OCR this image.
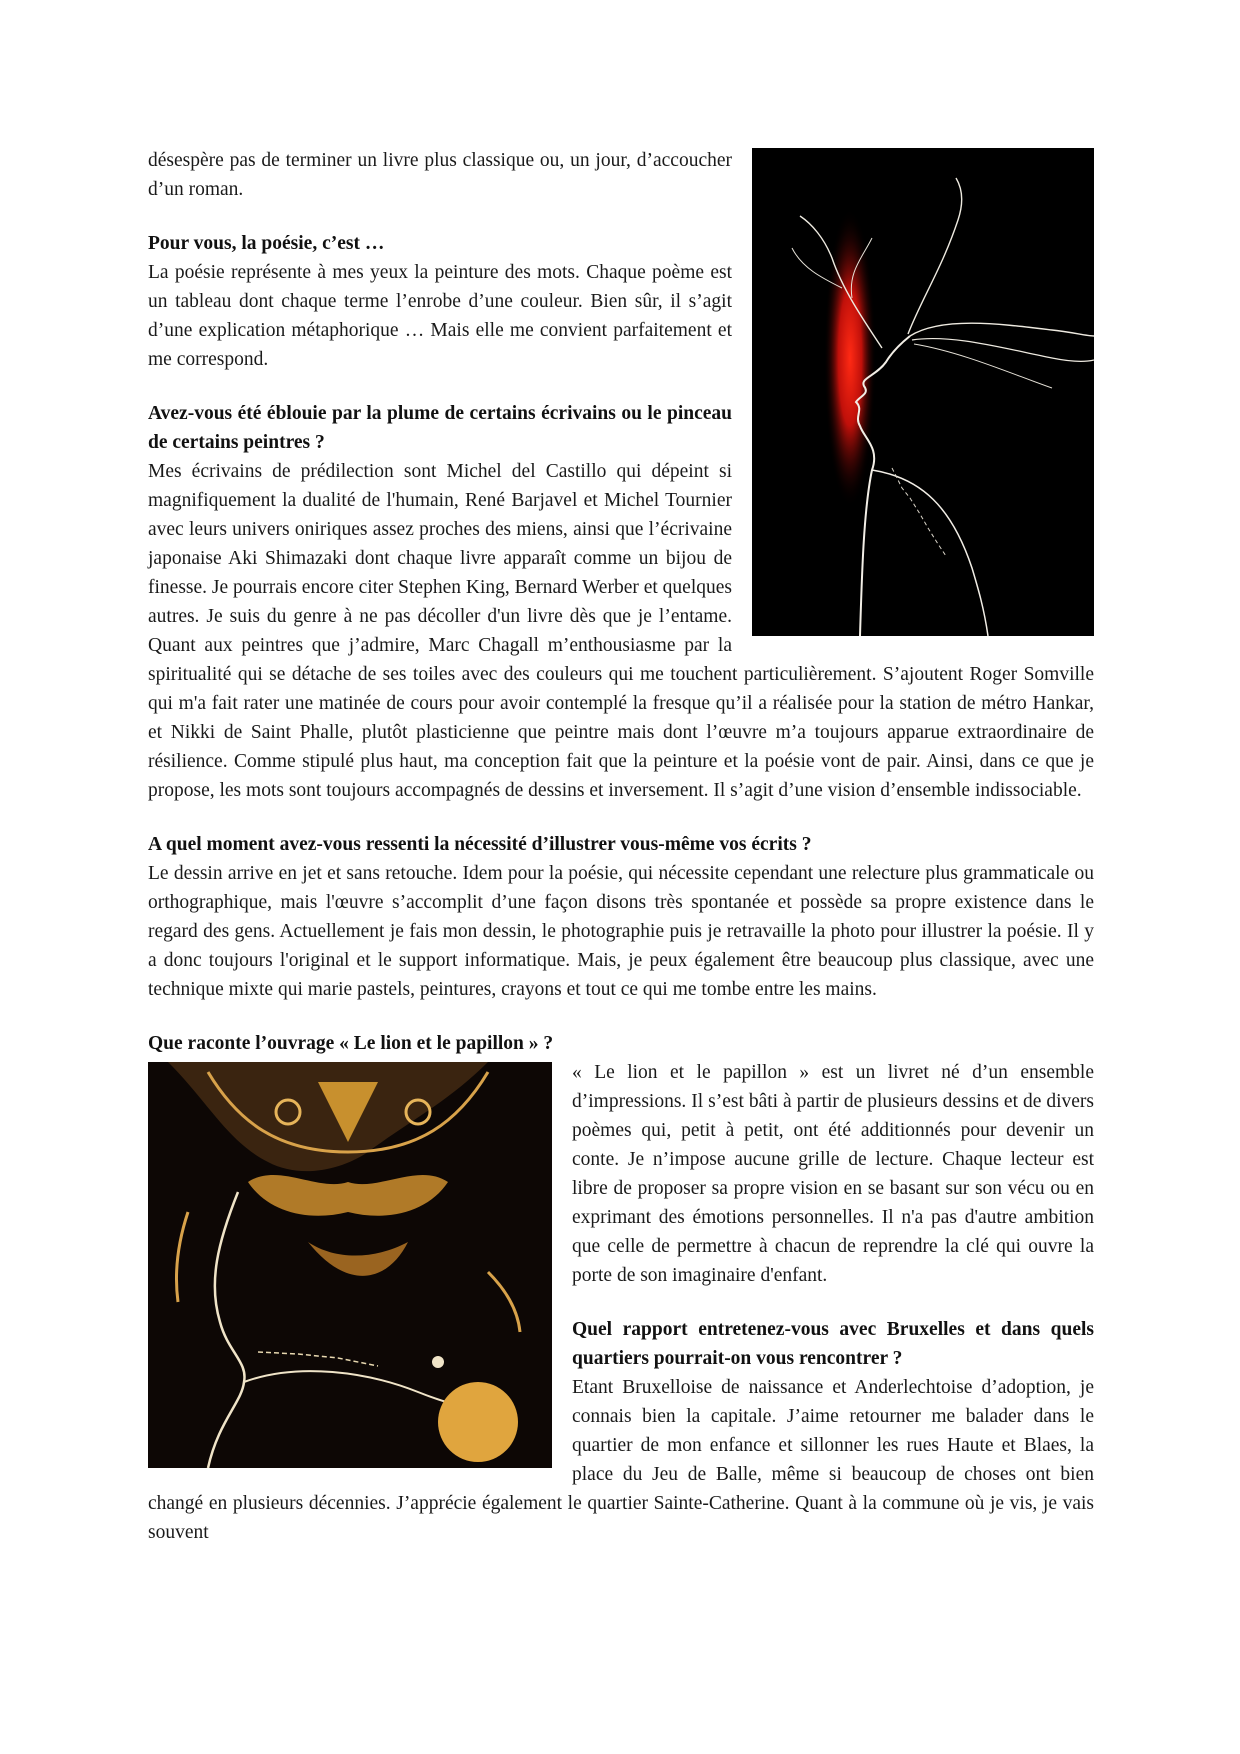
désespère pas de terminer un livre plus classique ou, un jour, d’accoucher d’un roman.

Pour vous, la poésie, c’est …

La poésie représente à mes yeux la peinture des mots. Chaque poème est un tableau dont chaque terme l’enrobe d’une couleur. Bien sûr, il s’agit d’une explication métaphorique … Mais elle me convient parfaitement et me correspond.

Avez-vous été éblouie par la plume de certains écrivains ou le pinceau de certains peintres ?

Mes écrivains de prédilection sont Michel del Castillo qui dépeint si magnifiquement la dualité de l'humain, René Barjavel et Michel Tournier avec leurs univers oniriques assez proches des miens, ainsi que l’écrivaine japonaise Aki Shimazaki dont chaque livre apparaît comme un bijou de finesse. Je pourrais encore citer Stephen King, Bernard Werber et quelques autres. Je suis du genre à ne pas décoller d'un livre dès que je l’entame. Quant aux peintres que j’admire, Marc Chagall m’enthousiasme par la spiritualité qui se détache de ses toiles avec des couleurs qui me touchent particulièrement. S’ajoutent Roger Somville qui m'a fait rater une matinée de cours pour avoir contemplé la fresque qu’il a réalisée pour la station de métro Hankar, et Nikki de Saint Phalle, plutôt plasticienne que peintre mais dont l’œuvre m’a toujours apparue extraordinaire de résilience. Comme stipulé plus haut, ma conception fait que la peinture et la poésie vont de pair. Ainsi, dans ce que je propose, les mots sont toujours accompagnés de dessins et inversement. Il s’agit d’une vision d’ensemble indissociable.

A quel moment avez-vous ressenti la nécessité d’illustrer vous-même vos écrits ?

Le dessin arrive en jet et sans retouche. Idem pour la poésie, qui nécessite cependant une relecture plus grammaticale ou orthographique, mais l'œuvre s’accomplit d’une façon disons très spontanée et possède sa propre existence dans le regard des gens. Actuellement je fais mon dessin, le photographie puis je retravaille la photo pour illustrer la poésie. Il y a donc toujours l'original et le support informatique. Mais, je peux également être beaucoup plus classique, avec une technique mixte qui marie pastels, peintures, crayons et tout ce qui me tombe entre les mains.

Que raconte l’ouvrage « Le lion et le papillon » ?

« Le lion et le papillon » est un livret né d’un ensemble d’impressions. Il s’est bâti à partir de plusieurs dessins et de divers poèmes qui, petit à petit, ont été additionnés pour devenir un conte. Je n’impose aucune grille de lecture. Chaque lecteur est libre de proposer sa propre vision en se basant sur son vécu ou en exprimant des émotions personnelles. Il n'a pas d'autre ambition que celle de permettre à chacun de reprendre la clé qui ouvre la porte de son imaginaire d'enfant.

Quel rapport entretenez-vous avec Bruxelles et dans quels quartiers pourrait-on vous rencontrer ?

Etant Bruxelloise de naissance et Anderlechtoise d’adoption, je connais bien la capitale. J’aime retourner me balader dans le quartier de mon enfance et sillonner les rues Haute et Blaes, la place du Jeu de Balle, même si beaucoup de choses ont bien changé en plusieurs décennies. J’apprécie également le quartier Sainte-Catherine. Quant à la commune où je vis, je vais souvent
